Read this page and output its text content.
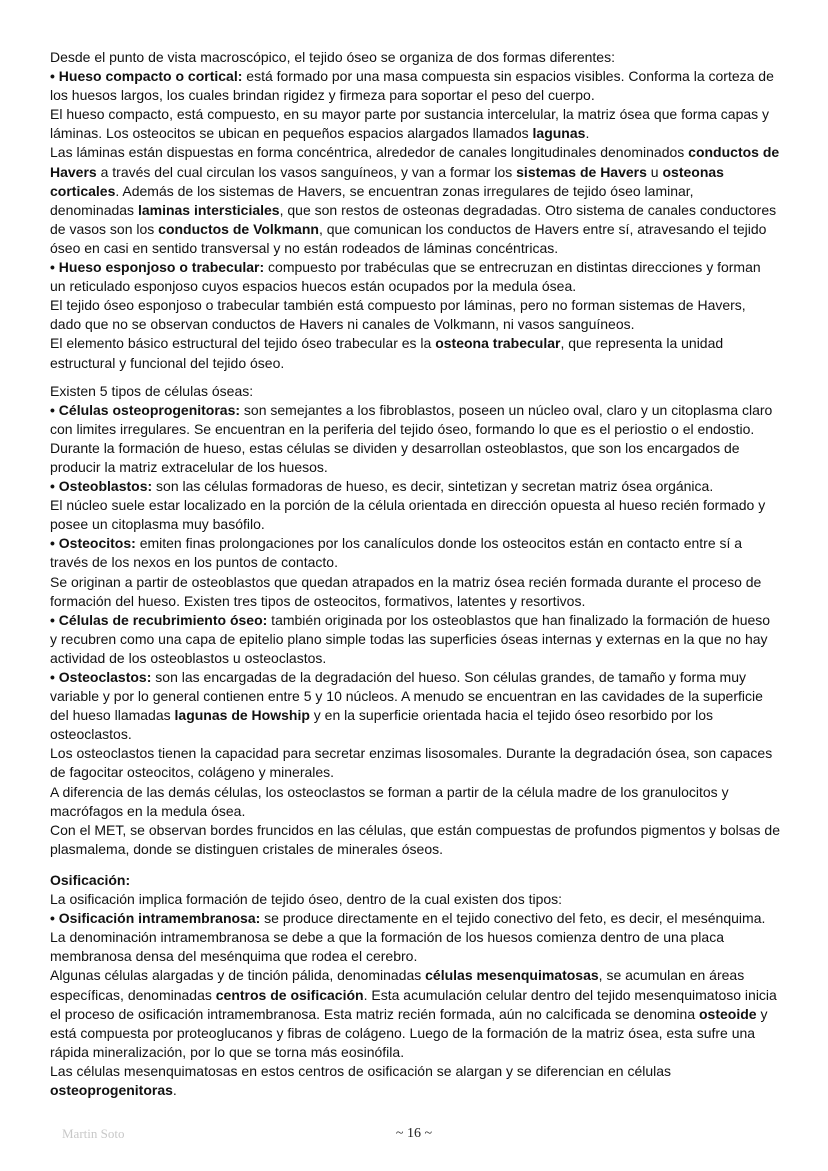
Desde el punto de vista macroscópico, el tejido óseo se organiza de dos formas diferentes:

• Hueso compacto o cortical: está formado por una masa compuesta sin espacios visibles. Conforma la corteza de los huesos largos, los cuales brindan rigidez y firmeza para soportar el peso del cuerpo.

El hueso compacto, está compuesto, en su mayor parte por sustancia intercelular, la matriz ósea que forma capas y láminas. Los osteocitos se ubican en pequeños espacios alargados llamados lagunas.

Las láminas están dispuestas en forma concéntrica, alrededor de canales longitudinales denominados conductos de Havers a través del cual circulan los vasos sanguíneos, y van a formar los sistemas de Havers u osteonas corticales. Además de los sistemas de Havers, se encuentran zonas irregulares de tejido óseo laminar, denominadas laminas intersticiales, que son restos de osteonas degradadas. Otro sistema de canales conductores de vasos son los conductos de Volkmann, que comunican los conductos de Havers entre sí, atravesando el tejido óseo en casi en sentido transversal y no están rodeados de láminas concéntricas.

• Hueso esponjoso o trabecular: compuesto por trabéculas que se entrecruzan en distintas direcciones y forman un reticulado esponjoso cuyos espacios huecos están ocupados por la medula ósea.

El tejido óseo esponjoso o trabecular también está compuesto por láminas, pero no forman sistemas de Havers, dado que no se observan conductos de Havers ni canales de Volkmann, ni vasos sanguíneos.

El elemento básico estructural del tejido óseo trabecular es la osteona trabecular, que representa la unidad estructural y funcional del tejido óseo.

Existen 5 tipos de células óseas:

• Células osteoprogenitoras: son semejantes a los fibroblastos, poseen un núcleo oval, claro y un citoplasma claro con limites irregulares. Se encuentran en la periferia del tejido óseo, formando lo que es el periostio o el endostio. Durante la formación de hueso, estas células se dividen y desarrollan osteoblastos, que son los encargados de producir la matriz extracelular de los huesos.

• Osteoblastos: son las células formadoras de hueso, es decir, sintetizan y secretan matriz ósea orgánica.

El núcleo suele estar localizado en la porción de la célula orientada en dirección opuesta al hueso recién formado y posee un citoplasma muy basófilo.

• Osteocitos: emiten finas prolongaciones por los canalículos donde los osteocitos están en contacto entre sí a través de los nexos en los puntos de contacto.

Se originan a partir de osteoblastos que quedan atrapados en la matriz ósea recién formada durante el proceso de formación del hueso. Existen tres tipos de osteocitos, formativos, latentes y resortivos.

• Células de recubrimiento óseo: también originada por los osteoblastos que han finalizado la formación de hueso y recubren como una capa de epitelio plano simple todas las superficies óseas internas y externas en la que no hay actividad de los osteoblastos u osteoclastos.

• Osteoclastos: son las encargadas de la degradación del hueso. Son células grandes, de tamaño y forma muy variable y por lo general contienen entre 5 y 10 núcleos. A menudo se encuentran en las cavidades de la superficie del hueso llamadas lagunas de Howship y en la superficie orientada hacia el tejido óseo resorbido por los osteoclastos.

Los osteoclastos tienen la capacidad para secretar enzimas lisosomales. Durante la degradación ósea, son capaces de fagocitar osteocitos, colágeno y minerales.

A diferencia de las demás células, los osteoclastos se forman a partir de la célula madre de los granulocitos y macrófagos en la medula ósea.

Con el MET, se observan bordes fruncidos en las células, que están compuestas de profundos pigmentos y bolsas de plasmalema, donde se distinguen cristales de minerales óseos.

Osificación:

La osificación implica formación de tejido óseo, dentro de la cual existen dos tipos:

• Osificación intramembranosa: se produce directamente en el tejido conectivo del feto, es decir, el mesénquima. La denominación intramembranosa se debe a que la formación de los huesos comienza dentro de una placa membranosa densa del mesénquima que rodea el cerebro.

Algunas células alargadas y de tinción pálida, denominadas células mesenquimatosas, se acumulan en áreas específicas, denominadas centros de osificación. Esta acumulación celular dentro del tejido mesenquimatoso inicia el proceso de osificación intramembranosa. Esta matriz recién formada, aún no calcificada se denomina osteoide y está compuesta por proteoglucanos y fibras de colágeno. Luego de la formación de la matriz ósea, esta sufre una rápida mineralización, por lo que se torna más eosinófila.

Las células mesenquimatosas en estos centros de osificación se alargan y se diferencian en células osteoprogenitoras.

Martin Soto	~ 16 ~
